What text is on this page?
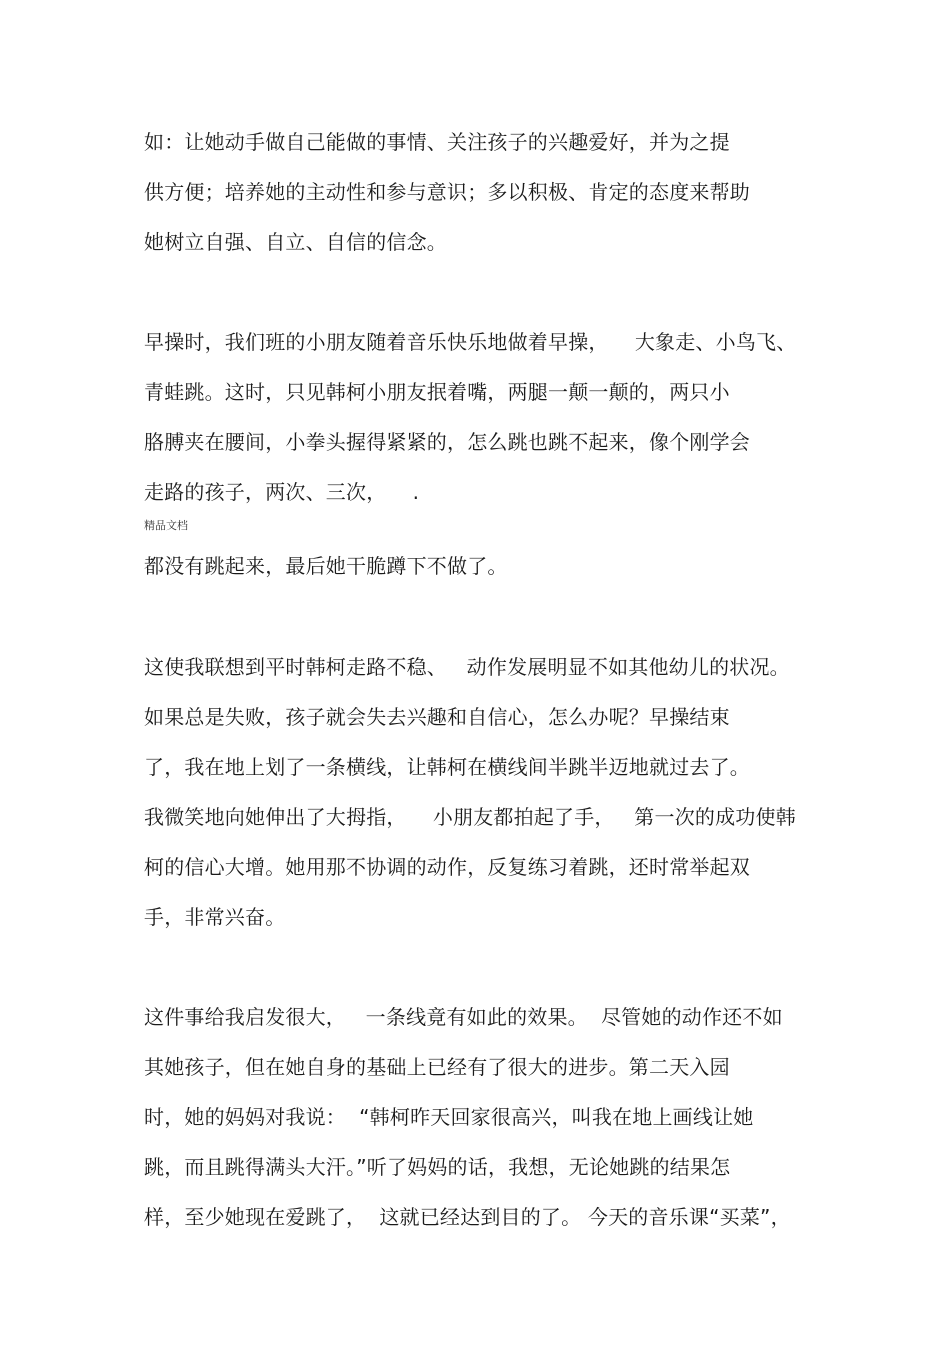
如：让她动手做自己能做的事情、关注孩子的兴趣爱好，并为之提
供方便；培养她的主动性和参与意识；多以积极、肯定的态度来帮助
她树立自强、自立、自信的信念。
早操时，我们班的小朋友随着音乐快乐地做着早操，    大象走、小鸟飞、
青蛙跳。这时，只见韩柯小朋友抿着嘴，两腿一颠一颠的，两只小
胳膊夹在腰间，小拳头握得紧紧的，怎么跳也跳不起来，像个刚学会
走路的孩子，两次、三次，    .
精品文档
都没有跳起来，最后她干脆蹲下不做了。
这使我联想到平时韩柯走路不稳、   动作发展明显不如其他幼儿的状况。
如果总是失败，孩子就会失去兴趣和自信心，怎么办呢？早操结束
了，我在地上划了一条横线，让韩柯在横线间半跳半迈地就过去了。
我微笑地向她伸出了大拇指，    小朋友都拍起了手，   第一次的成功使韩
柯的信心大增。她用那不协调的动作，反复练习着跳，还时常举起双
手，非常兴奋。
这件事给我启发很大，   一条线竟有如此的效果。  尽管她的动作还不如
其她孩子，但在她自身的基础上已经有了很大的进步。第二天入园
时，她的妈妈对我说：  “韩柯昨天回家很高兴，叫我在地上画线让她
跳，而且跳得满头大汗。”听了妈妈的话，我想，无论她跳的结果怎
样，至少她现在爱跳了，  这就已经达到目的了。 今天的音乐课“买菜”，
